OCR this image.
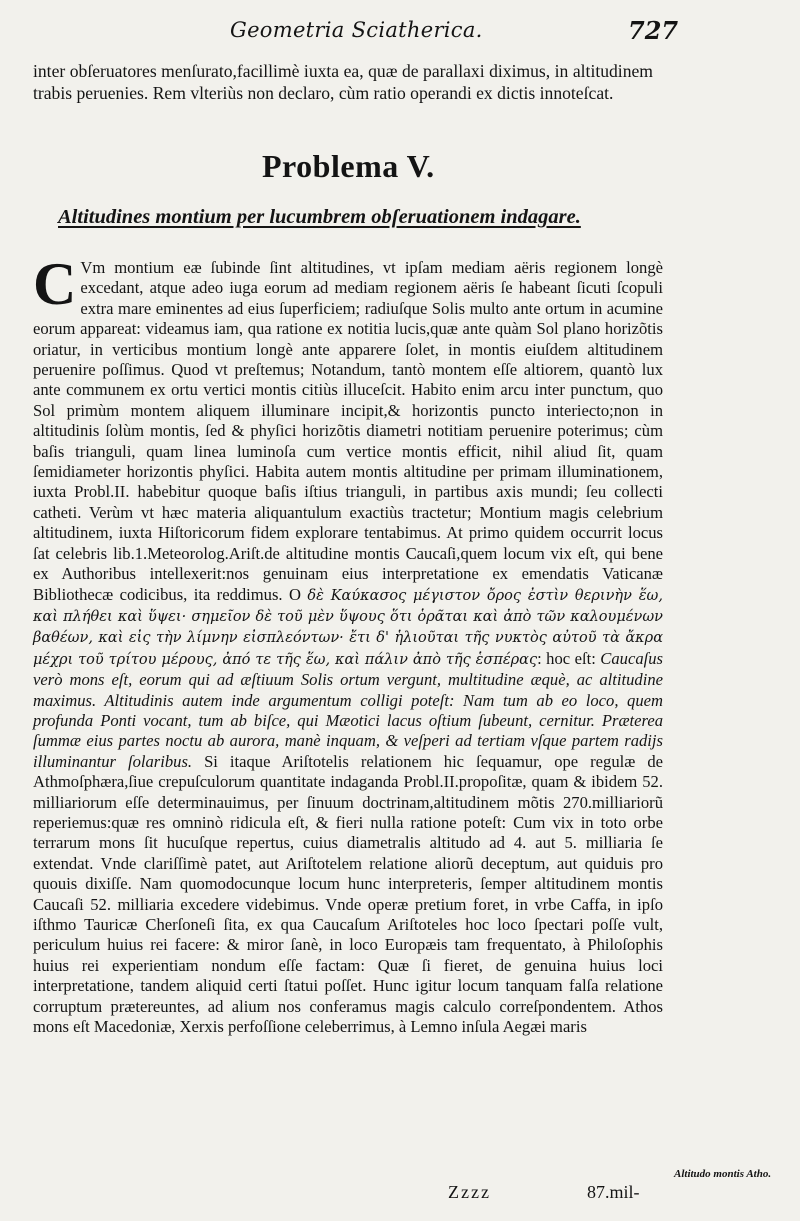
Geometria Sciatherica.	727
inter obſeruatores menſurato,facillimè iuxta ea, quæ de parallaxi diximus, in altitudinem trabis peruenies. Rem vlteriùs non declaro, cùm ratio operandi ex dictis innoteſcat.
Problema V.
Altitudines montium per lucumbrem obſeruationem indagare.

C Vm montium eæ ſubinde ſint altitudines, vt ipſam mediam aëris regionem longè excedant, atque adeo iuga eorum ad mediam regionem aëris ſe habeant ſicuti ſcopuli extra mare eminentes ad eius ſuperficiem; radiuſque Solis multo ante ortum in acumine eorum appareat: videamus iam, qua ratione ex notitia lucis,quæ ante quàm Sol plano horizõtis oriatur, in verticibus montium longè ante apparere ſolet, in montis eiuſdem altitudinem peruenire poſſimus. Quod vt preſtemus; Notandum, tantò montem eſſe altiorem, quantò lux ante communem ex ortu vertici montis citiùs illuceſcit. Habito enim arcu inter punctum, quo Sol primùm montem aliquem illuminare incipit,& horizontis puncto interiecto;non in altitudinis ſolùm montis, ſed & phyſici horizõtis diametri notitiam peruenire poterimus; cùm baſis trianguli, quam linea luminoſa cum vertice montis efficit, nihil aliud ſit, quam ſemidiameter horizontis phyſici. Habita autem montis altitudine per primam illuminationem, iuxta Probl.II. habebitur quoque baſis iſtius trianguli, in partibus axis mundi; ſeu collecti catheti. Verùm vt hæc materia aliquantulum exactiùs tractetur; Montium magis celebrium altitudinem, iuxta Hiſtoricorum fidem explorare tentabimus. At primo quidem occurrit locus ſat celebris lib.1.Meteorolog.Ariſt.de altitudine montis Caucaſi,quem locum vix eſt, qui bene ex Authoribus intellexerit:nos genuinam eius interpretatione ex emendatis Vaticanæ Bibliothecæ codicibus, ita reddimus. Ο δὲ Καύκασος μέγιστον ὄρος ἐστὶν θερινὴν ἕω, καὶ πλήθει καὶ ὕψει· σημεῖον δὲ τοῦ μὲν ὕψους ὅτι ὁρᾶται καὶ ἀπὸ τῶν καλουμένων βαθέων, καὶ εἰς τὴν λίμνην εἰσπλεόντων· ἔτι δ' ἡλιοῦται τῆς νυκτὸς αὐτοῦ τὰ ἄκρα μέχρι τοῦ τρίτου μέρους, ἀπό τε τῆς ἕω, καὶ πάλιν ἀπὸ τῆς ἑσπέρας: hoc eſt: Caucaſus verò mons eſt, eorum qui ad æſtiuum Solis ortum vergunt, multitudine æquè, ac altitudine maximus. Altitudinis autem inde argumentum colligi poteſt: Nam tum ab eo loco, quem profunda Ponti vocant, tum ab biſce, qui Mæotici lacus oſtium ſubeunt, cernitur. Præterea ſummæ eius partes noctu ab aurora, manè inquam, & veſperi ad tertiam vſque partem radijs illuminantur ſolaribus. Si itaque Ariſtotelis relationem hic ſequamur, ope regulæ de Athmoſphæra,ſiue crepuſculorum quantitate indaganda Probl.II.propoſitæ, quam & ibidem 52. milliariorum eſſe determinauimus, per ſinuum doctrinam,altitudinem mõtis 270.milliariorũ reperiemus:quæ res omninò ridicula eſt, & fieri nulla ratione poteſt: Cum vix in toto orbe terrarum mons ſit hucuſque repertus, cuius diametralis altitudo ad 4. aut 5. milliaria ſe extendat. Vnde clariſſimè patet, aut Ariſtotelem relatione aliorũ deceptum, aut quiduis pro quouis dixiſſe. Nam quomodocunque locum hunc interpreteris, ſemper altitudinem montis Caucaſi 52. milliaria excedere videbimus. Vnde operæ pretium foret, in vrbe Caffa, in ipſo iſthmo Tauricæ Cherſoneſi ſita, ex qua Caucaſum Ariſtoteles hoc loco ſpectari poſſe vult, periculum huius rei facere: & miror ſanè, in loco Europæis tam frequentato, à Philoſophis huius rei experientiam nondum eſſe factam: Quæ ſi fieret, de genuina huius loci interpretatione, tandem aliquid certi ſtatui poſſet. Hunc igitur locum tanquam falſa relatione corruptum prætereuntes, ad alium nos conferamus magis calculo correſpondentem. Athos mons eſt Macedoniæ, Xerxis perfoſſione celeberrimus, à Lemno inſula Aegæi maris

Altitudo montis Atho.
Zzzz	87.mil-
